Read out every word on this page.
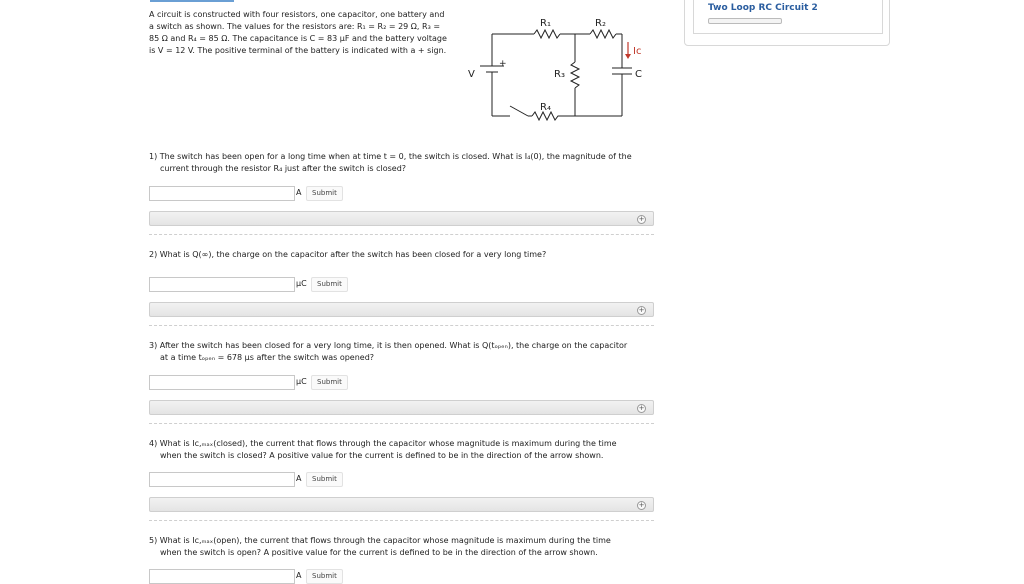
A circuit is constructed with four resistors, one capacitor, one battery and
a switch as shown. The values for the resistors are: R₁ = R₂ = 29 Ω, R₃ =
85 Ω and R₄ = 85 Ω. The capacitance is C = 83 μF and the battery voltage
is V = 12 V. The positive terminal of the battery is indicated with a + sign.
R₁	R₂
R₃
R₄
V
+
C
Iᴄ
1) The switch has been open for a long time when at time t = 0, the switch is closed. What is I₄(0), the magnitude of the
current through the resistor R₄ just after the switch is closed?
A	Submit
+
2) What is Q(∞), the charge on the capacitor after the switch has been closed for a very long time?
μC	Submit
+
3) After the switch has been closed for a very long time, it is then opened. What is Q(tₒₚₑₙ), the charge on the capacitor
at a time tₒₚₑₙ = 678 μs after the switch was opened?
μC	Submit
+
4) What is Iᴄ,ₘₐₓ(closed), the current that flows through the capacitor whose magnitude is maximum during the time
when the switch is closed? A positive value for the current is defined to be in the direction of the arrow shown.
A	Submit
+
5) What is Iᴄ,ₘₐₓ(open), the current that flows through the capacitor whose magnitude is maximum during the time
when the switch is open? A positive value for the current is defined to be in the direction of the arrow shown.
A	Submit
Two Loop RC Circuit 2
